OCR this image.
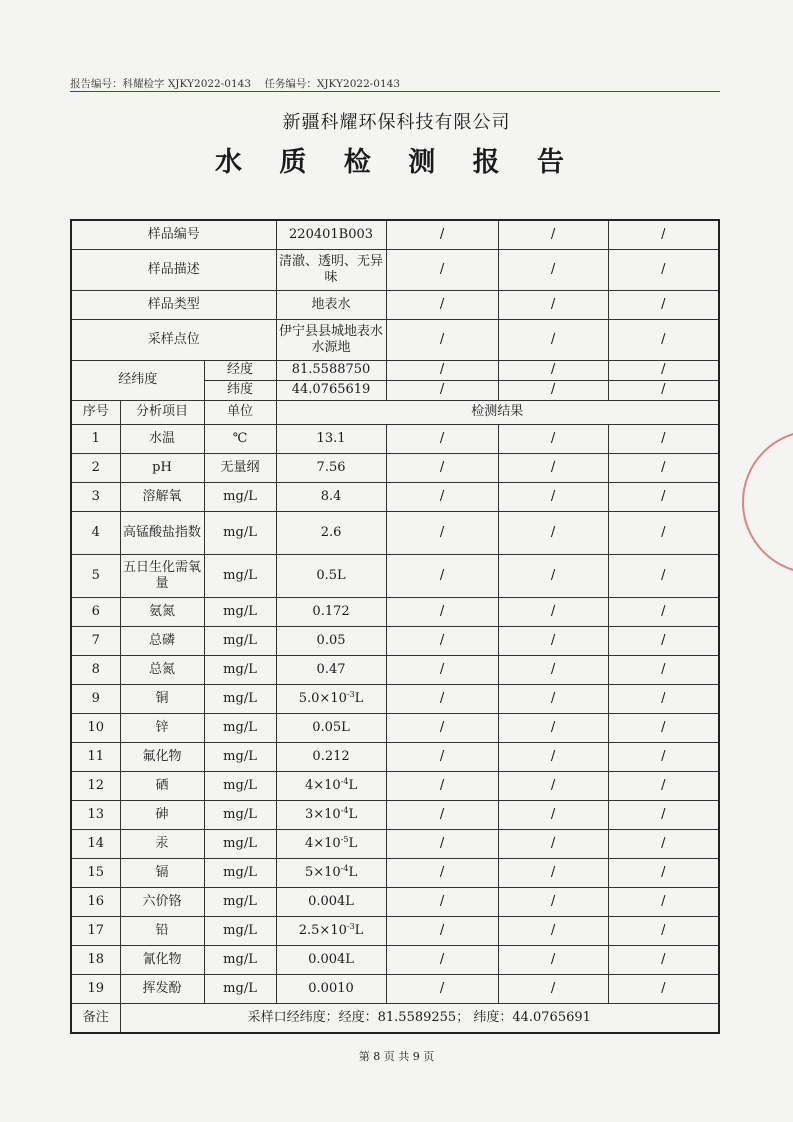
报告编号：科耀检字 XJKY2022-0143 任务编号：XJKY2022-0143
新疆科耀环保科技有限公司
水 质 检 测 报 告
样品编号			220401B003	/	/	/
样品描述			清澈、透明、无异味	/	/	/
样品类型			地表水	/	/	/
采样点位			伊宁县县城地表水水源地	/	/	/
经纬度		经度	81.5588750	/	/	/
		纬度	44.0765619	/	/	/
序号	分析项目	单位	检测结果			
1	水温	℃	13.1	/	/	/
2	pH	无量纲	7.56	/	/	/
3	溶解氧	mg/L	8.4	/	/	/
4	高锰酸盐指数	mg/L	2.6	/	/	/
5	五日生化需氧量	mg/L	0.5L	/	/	/
6	氨氮	mg/L	0.172	/	/	/
7	总磷	mg/L	0.05	/	/	/
8	总氮	mg/L	0.47	/	/	/
9	铜	mg/L	$5.0\times 10^{-3}L$	/	/	/
10	锌	mg/L	0.05L	/	/	/
11	氟化物	mg/L	0.212	/	/	/
12	硒	mg/L	$4\times 10^{-4}L$	/	/	/
13	砷	mg/L	$3\times 10^{-4}L$	/	/	/
14	汞	mg/L	$4\times 10^{-5}L$	/	/	/
15	镉	mg/L	$5\times 10^{-4}L$	/	/	/
16	六价铬	mg/L	0.004L	/	/	/
17	铅	mg/L	$2.5\times 10^{-3}L$	/	/	/
18	氰化物	mg/L	0.004L	/	/	/
19	挥发酚	mg/L	0.0010	/	/	/
备注	采样口经纬度：经度：81.5589255； 纬度：44.0765691					
第 8 页 共 9 页
